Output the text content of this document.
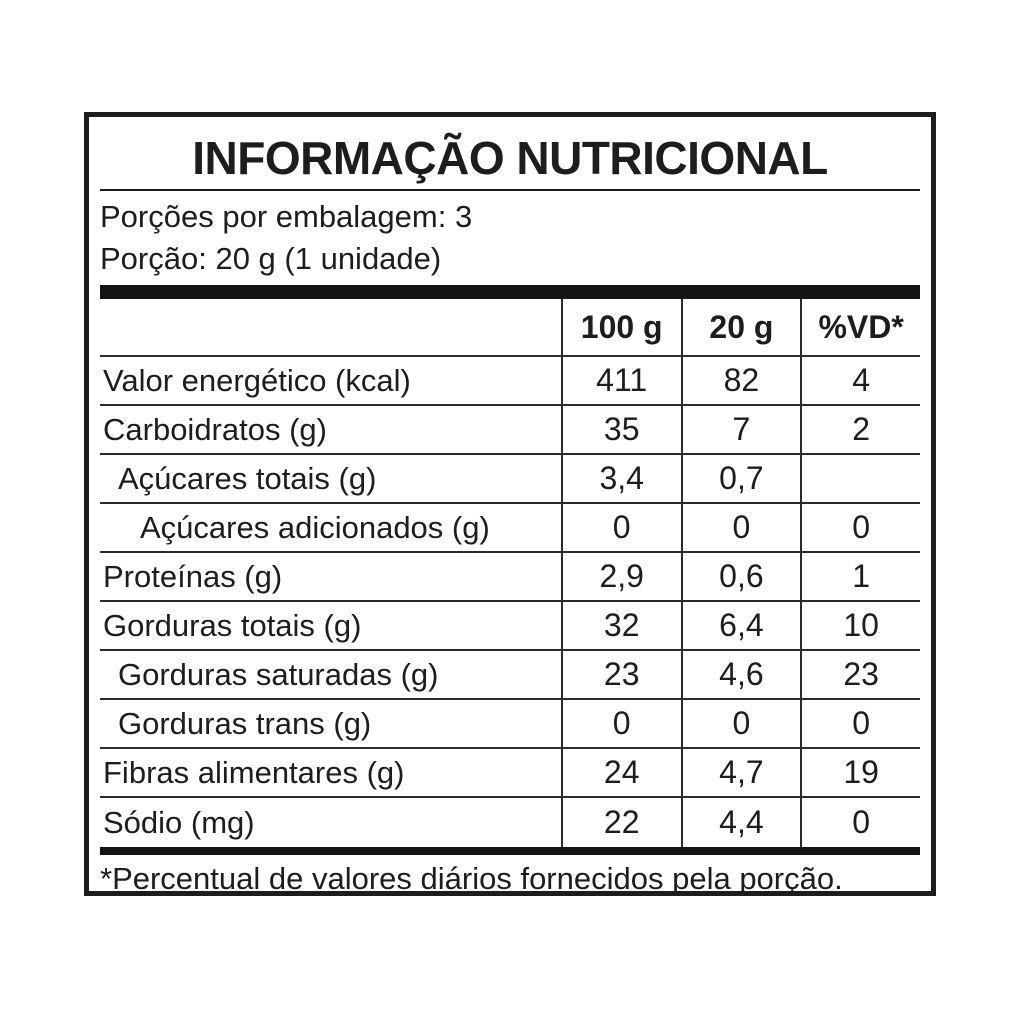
INFORMAÇÃO NUTRICIONAL
Porções por embalagem: 3
Porção: 20 g (1 unidade)
100 g	20 g	%VD*
Valor energético (kcal)	411	82	4
Carboidratos (g)	35	7	2
Açúcares totais (g)	3,4	0,7
Açúcares adicionados (g)	0	0	0
Proteínas (g)	2,9	0,6	1
Gorduras totais (g)	32	6,4	10
Gorduras saturadas (g)	23	4,6	23
Gorduras trans (g)	0	0	0
Fibras alimentares (g)	24	4,7	19
Sódio (mg)	22	4,4	0
*Percentual de valores diários fornecidos pela porção.
